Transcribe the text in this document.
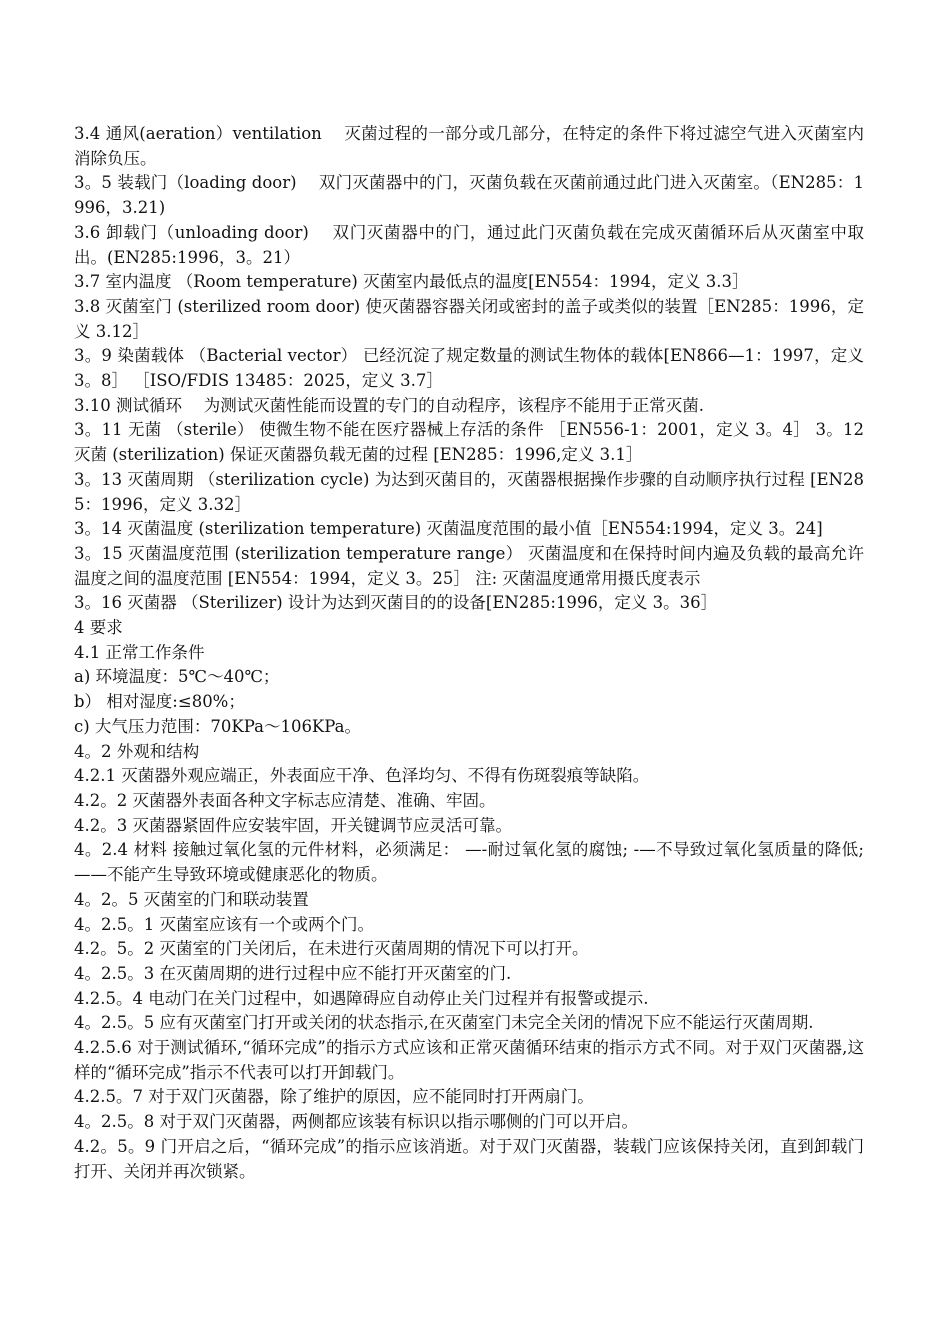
3.4 通风(aeration）ventilation　 灭菌过程的一部分或几部分，在特定的条件下将过滤空气进入灭菌室内消除负压。

3。5 装载门（loading door)　 双门灭菌器中的门，灭菌负载在灭菌前通过此门进入灭菌室。（EN285：1996，3.21)

3.6 卸载门（unloading door)　 双门灭菌器中的门，通过此门灭菌负载在完成灭菌循环后从灭菌室中取出。(EN285:1996，3。21）

3.7 室内温度 （Room temperature) 灭菌室内最低点的温度[EN554：1994，定义 3.3］

3.8 灭菌室门 (sterilized room door) 使灭菌器容器关闭或密封的盖子或类似的装置［EN285：1996，定义 3.12］

3。9 染菌载体 （Bacterial vector） 已经沉淀了规定数量的测试生物体的载体[EN866—1：1997，定义 3。8］ ［ISO/FDIS 13485：2025，定义 3.7］

3.10 测试循环　 为测试灭菌性能而设置的专门的自动程序，该程序不能用于正常灭菌.

3。11 无菌 （sterile） 使微生物不能在医疗器械上存活的条件 ［EN556-1：2001，定义 3。4］ 3。12 灭菌 (sterilization) 保证灭菌器负载无菌的过程 [EN285：1996,定义 3.1］

3。13 灭菌周期 （sterilization cycle) 为达到灭菌目的，灭菌器根据操作步骤的自动顺序执行过程 [EN285：1996，定义 3.32］

3。14 灭菌温度 (sterilization temperature) 灭菌温度范围的最小值［EN554:1994，定义 3。24]

3。15 灭菌温度范围 (sterilization temperature range） 灭菌温度和在保持时间内遍及负载的最高允许温度之间的温度范围 [EN554：1994，定义 3。25］ 注: 灭菌温度通常用摄氏度表示

3。16 灭菌器 （Sterilizer) 设计为达到灭菌目的的设备[EN285:1996，定义 3。36］

4 要求

4.1 正常工作条件

a) 环境温度：5℃～40℃；

b） 相对湿度:≤80%；

c) 大气压力范围：70KPa～106KPa。

4。2 外观和结构

4.2.1 灭菌器外观应端正，外表面应干净、色泽均匀、不得有伤斑裂痕等缺陷。

4.2。2 灭菌器外表面各种文字标志应清楚、准确、牢固。

4.2。3 灭菌器紧固件应安装牢固，开关键调节应灵活可靠。

4。2.4 材料 接触过氧化氢的元件材料，必须满足： —-耐过氧化氢的腐蚀; -—不导致过氧化氢质量的降低; ——不能产生导致环境或健康恶化的物质。

4。2。5 灭菌室的门和联动装置

4。2.5。1 灭菌室应该有一个或两个门。

4.2。5。2 灭菌室的门关闭后，在未进行灭菌周期的情况下可以打开。

4。2.5。3 在灭菌周期的进行过程中应不能打开灭菌室的门.

4.2.5。4 电动门在关门过程中，如遇障碍应自动停止关门过程并有报警或提示.

4。2.5。5 应有灭菌室门打开或关闭的状态指示,在灭菌室门未完全关闭的情况下应不能运行灭菌周期.

4.2.5.6 对于测试循环,“循环完成”的指示方式应该和正常灭菌循环结束的指示方式不同。对于双门灭菌器,这样的“循环完成”指示不代表可以打开卸载门。

4.2.5。7 对于双门灭菌器，除了维护的原因，应不能同时打开两扇门。

4。2.5。8 对于双门灭菌器，两侧都应该装有标识以指示哪侧的门可以开启。

4.2。5。9 门开启之后，“循环完成”的指示应该消逝。对于双门灭菌器，装载门应该保持关闭，直到卸载门打开、关闭并再次锁紧。
